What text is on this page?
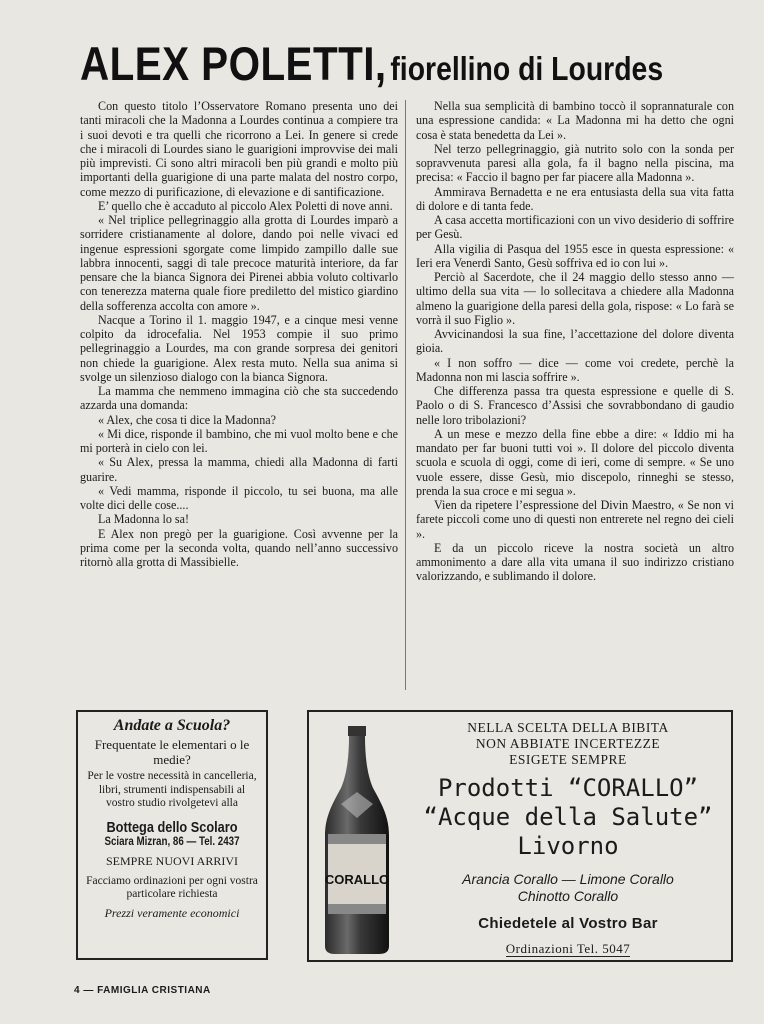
ALEX POLETTI, fiorellino di Lourdes

Con questo titolo l’Osservatore Romano presenta uno dei tanti miracoli che la Madonna a Lourdes continua a compiere tra i suoi devoti e tra quelli che ricorrono a Lei. In genere si crede che i miracoli di Lourdes siano le guarigioni improvvise dei mali più imprevisti. Ci sono altri miracoli ben più grandi e molto più importanti della guarigione di una parte malata del nostro corpo, come mezzo di purificazione, di elevazione e di santificazione.

E’ quello che è accaduto al piccolo Alex Poletti di nove anni.

« Nel triplice pellegrinaggio alla grotta di Lourdes imparò a sorridere cristianamente al dolore, dando poi nelle vivaci ed ingenue espressioni sgorgate come limpido zampillo dalle sue labbra innocenti, saggi di tale precoce maturità interiore, da far pensare che la bianca Signora dei Pirenei abbia voluto coltivarlo con tenerezza materna quale fiore prediletto del mistico giardino della sofferenza accolta con amore ».

Nacque a Torino il 1. maggio 1947, e a cinque mesi venne colpito da idrocefalia. Nel 1953 compie il suo primo pellegrinaggio a Lourdes, ma con grande sorpresa dei genitori non chiede la guarigione. Alex resta muto. Nella sua anima si svolge un silenzioso dialogo con la bianca Signora.

La mamma che nemmeno immagina ciò che sta succedendo azzarda una domanda:

« Alex, che cosa ti dice la Madonna?

« Mi dice, risponde il bambino, che mi vuol molto bene e che mi porterà in cielo con lei.

« Su Alex, pressa la mamma, chiedi alla Madonna di farti guarire.

« Vedi mamma, risponde il piccolo, tu sei buona, ma alle volte dici delle cose....

La Madonna lo sa!

E Alex non pregò per la guarigione. Così avvenne per la prima come per la seconda volta, quando nell’anno successivo ritornò alla grotta di Massibielle.

Nella sua semplicità di bambino toccò il soprannaturale con una espressione candida: « La Madonna mi ha detto che ogni cosa è stata benedetta da Lei ».

Nel terzo pellegrinaggio, già nutrito solo con la sonda per sopravvenuta paresi alla gola, fa il bagno nella piscina, ma precisa: « Faccio il bagno per far piacere alla Madonna ».

Ammirava Bernadetta e ne era entusiasta della sua vita fatta di dolore e di tanta fede.

A casa accetta mortificazioni con un vivo desiderio di soffrire per Gesù.

Alla vigilia di Pasqua del 1955 esce in questa espressione: « Ieri era Venerdì Santo, Gesù soffriva ed io con lui ».

Perciò al Sacerdote, che il 24 maggio dello stesso anno — ultimo della sua vita — lo sollecitava a chiedere alla Madonna almeno la guarigione della paresi della gola, rispose: « Lo farà se vorrà il suo Figlio ».

Avvicinandosi la sua fine, l’accettazione del dolore diventa gioia.

« I non soffro — dice — come voi credete, perchè la Madonna non mi lascia soffrire ».

Che differenza passa tra questa espressione e quelle di S. Paolo o di S. Francesco d’Assisi che sovrabbondano di gaudio nelle loro tribolazioni?

A un mese e mezzo della fine ebbe a dire: « Iddio mi ha mandato per far buoni tutti voi ». Il dolore del piccolo diventa scuola e scuola di oggi, come di ieri, come di sempre. « Se uno vuole essere, disse Gesù, mio discepolo, rinneghi se stesso, prenda la sua croce e mi segua ».

Vien da ripetere l’espressione del Divin Maestro, « Se non vi farete piccoli come uno di questi non entrerete nel regno dei cieli ».

E da un piccolo riceve la nostra società un altro ammonimento a dare alla vita umana il suo indirizzo cristiano valorizzando, e sublimando il dolore.

Andate a Scuola?
Frequentate le elementari o le medie?
Per le vostre necessità in cancelleria, libri, strumenti indispensabili al vostro studio rivolgetevi alla
Bottega dello Scolaro
Sciara Mizran, 86 — Tel. 2437
SEMPRE NUOVI ARRIVI
Facciamo ordinazioni per ogni vostra particolare richiesta
Prezzi veramente economici
CORALLO
NELLA SCELTA DELLA BIBITA
NON ABBIATE INCERTEZZE
ESIGETE SEMPRE
Prodotti “CORALLO”
“Acque della Salute”
Livorno
Arancia Corallo — Limone Corallo
Chinotto Corallo
Chiedetele al Vostro Bar
Ordinazioni Tel. 5047
4 — FAMIGLIA CRISTIANA
